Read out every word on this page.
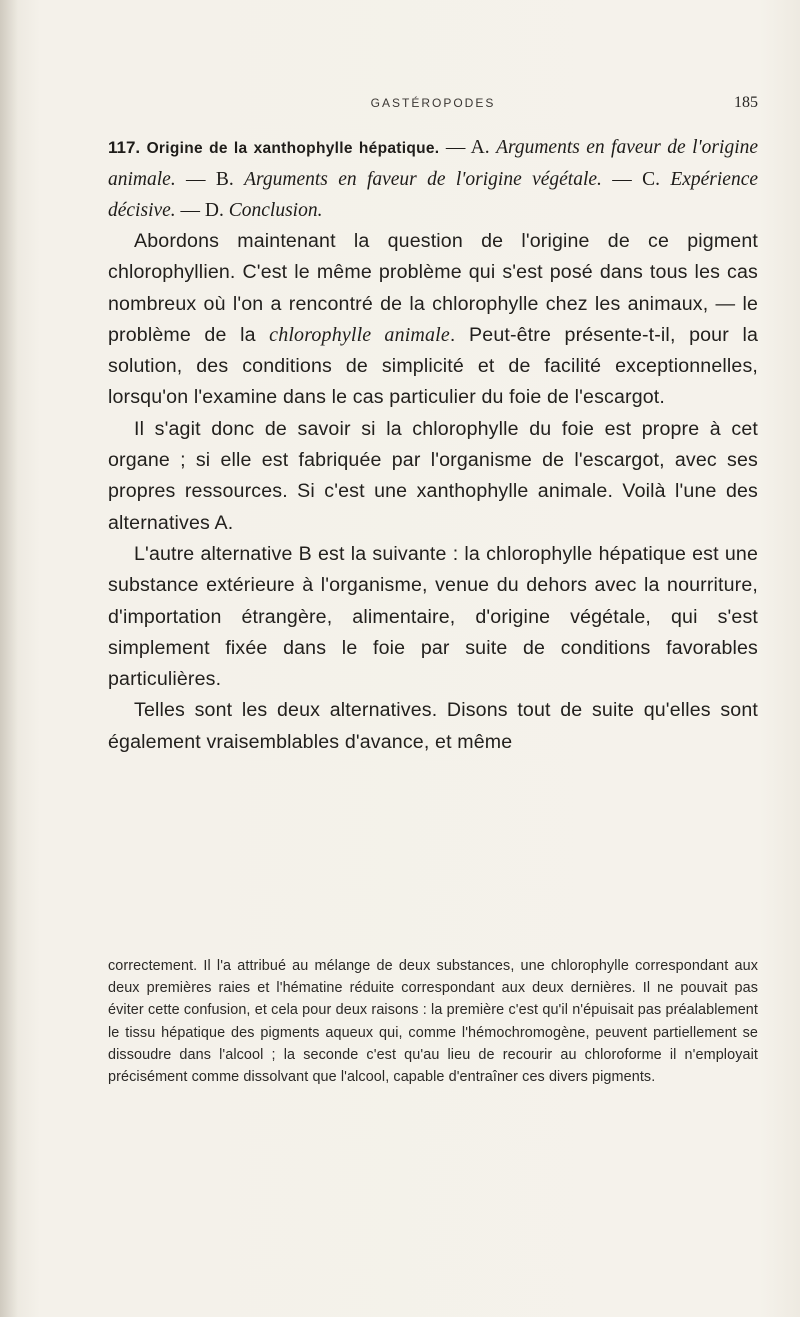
GASTÉROPODES	185

117. Origine de la xanthophylle hépatique. — A. Arguments en faveur de l'origine animale. — B. Arguments en faveur de l'origine végétale. — C. Expérience décisive. — D. Conclusion.

Abordons maintenant la question de l'origine de ce pigment chlorophyllien. C'est le même problème qui s'est posé dans tous les cas nombreux où l'on a rencontré de la chlorophylle chez les animaux, — le problème de la chlorophylle animale. Peut-être présente-t-il, pour la solution, des conditions de simplicité et de facilité exceptionnelles, lorsqu'on l'examine dans le cas particulier du foie de l'escargot.

Il s'agit donc de savoir si la chlorophylle du foie est propre à cet organe ; si elle est fabriquée par l'organisme de l'escargot, avec ses propres ressources. Si c'est une xanthophylle animale. Voilà l'une des alternatives A.

L'autre alternative B est la suivante : la chlorophylle hépatique est une substance extérieure à l'organisme, venue du dehors avec la nourriture, d'importation étrangère, alimentaire, d'origine végétale, qui s'est simplement fixée dans le foie par suite de conditions favorables particulières.

Telles sont les deux alternatives. Disons tout de suite qu'elles sont également vraisemblables d'avance, et même

correctement. Il l'a attribué au mélange de deux substances, une chlorophylle correspondant aux deux premières raies et l'hématine réduite correspondant aux deux dernières. Il ne pouvait pas éviter cette confusion, et cela pour deux raisons : la première c'est qu'il n'épuisait pas préalablement le tissu hépatique des pigments aqueux qui, comme l'hémochromogène, peuvent partiellement se dissoudre dans l'alcool ; la seconde c'est qu'au lieu de recourir au chloroforme il n'employait précisément comme dissolvant que l'alcool, capable d'entraîner ces divers pigments.
